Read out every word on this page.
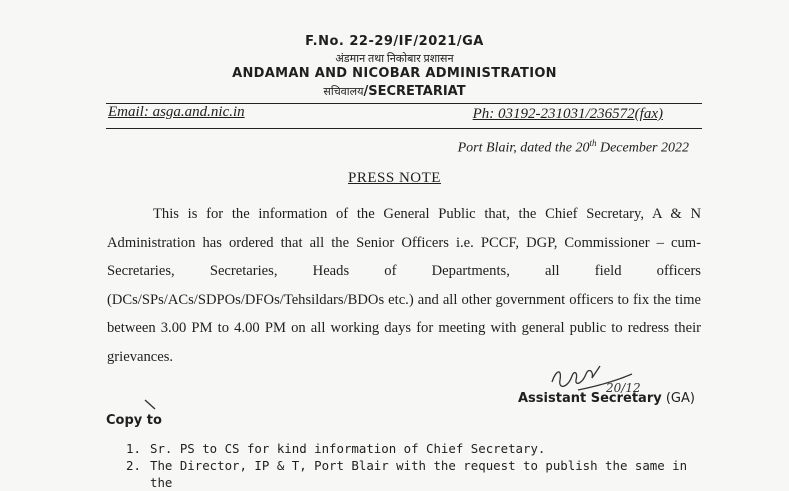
F.No. 22-29/IF/2021/GA
अंडमान तथा निकोबार प्रशासन
ANDAMAN AND NICOBAR ADMINISTRATION
सचिवालय/SECRETARIAT
Email: asga.and.nic.in	Ph: 03192-231031/236572(fax)
Port Blair, dated the 20th December 2022
PRESS NOTE
This is for the information of the General Public that, the Chief Secretary, A & N Administration has ordered that all the Senior Officers i.e. PCCF, DGP, Commissioner – cum- Secretaries, Secretaries, Heads of Departments, all field officers (DCs/SPs/ACs/SDPOs/DFOs/Tehsildars/BDOs etc.) and all other government officers to fix the time between 3.00 PM to 4.00 PM on all working days for meeting with general public to redress their grievances.
20/12
Assistant Secretary (GA)
Copy to
1. Sr. PS to CS for kind information of Chief Secretary.
2. The Director, IP & T, Port Blair with the request to publish the same in the
